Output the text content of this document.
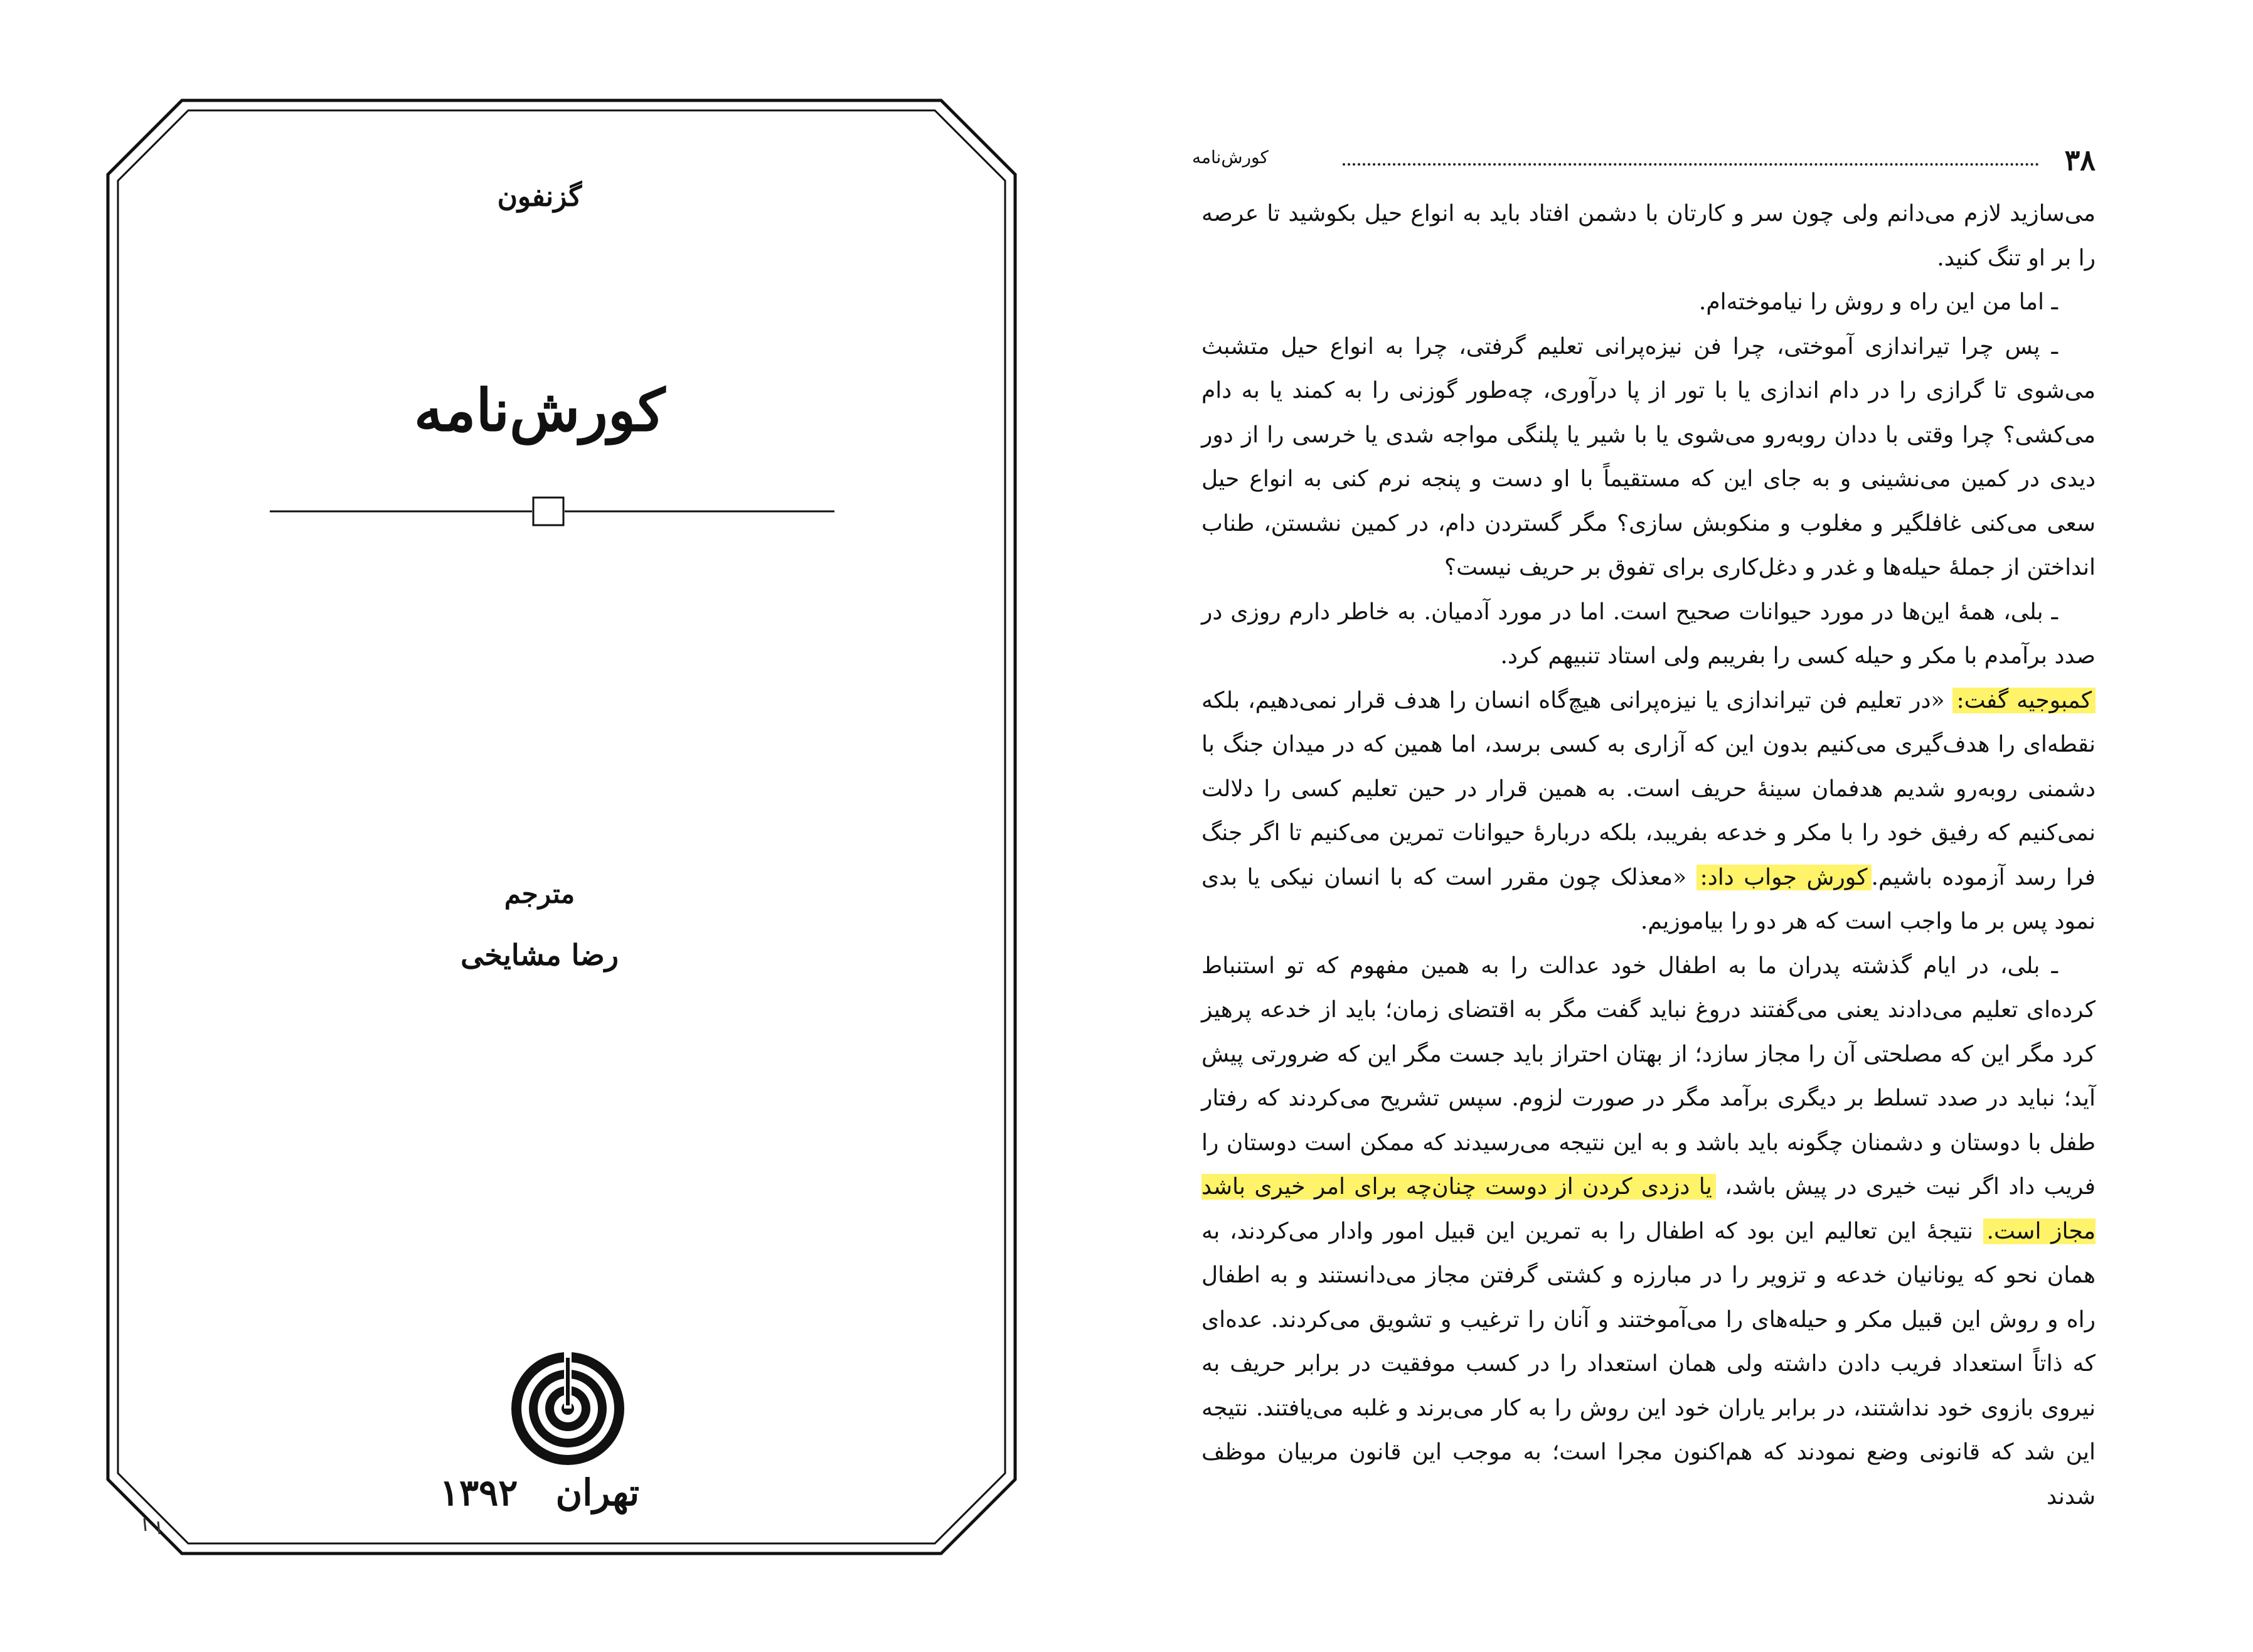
گزنفون
کورش‌نامه
مترجم
رضا مشایخی
تهران ۱۳۹۲
۳۸
کورش‌نامه

می‌سازید لازم می‌دانم ولی چون سر و کارتان با دشمن افتاد باید به انواع حیل بکوشید تا عرصه را بر او تنگ کنید.

ـ اما من این راه و روش را نیاموخته‌ام.

ـ پس چرا تیراندازی آموختی، چرا فن نیزه‌پرانی تعلیم گرفتی، چرا به انواع حیل متشبث می‌شوی تا گرازی را در دام اندازی یا با تور از پا درآوری، چه‌طور گوزنی را به کمند یا به دام می‌کشی؟ چرا وقتی با ددان روبه‌رو می‌شوی یا با شیر یا پلنگی مواجه شدی یا خرسی را از دور دیدی در کمین می‌نشینی و به جای این که مستقیماً با او دست و پنجه نرم کنی به انواع حیل سعی می‌کنی غافلگیر و مغلوب و منکوبش سازی؟ مگر گستردن دام، در کمین نشستن، طناب انداختن از جملهٔ حیله‌ها و غدر و دغل‌کاری برای تفوق بر حریف نیست؟

ـ بلی، همهٔ این‌ها در مورد حیوانات صحیح است. اما در مورد آدمیان. به خاطر دارم روزی در صدد برآمدم با مکر و حیله کسی را بفریبم ولی استاد تنبیهم کرد.

کمبوجیه گفت: «در تعلیم فن تیراندازی یا نیزه‌پرانی هیچ‌گاه انسان را هدف قرار نمی‌دهیم، بلکه نقطه‌ای را هدف‌گیری می‌کنیم بدون این که آزاری به کسی برسد، اما همین که در میدان جنگ با دشمنی روبه‌رو شدیم هدفمان سینهٔ حریف است. به همین قرار در حین تعلیم کسی را دلالت نمی‌کنیم که رفیق خود را با مکر و خدعه بفریبد، بلکه دربارهٔ حیوانات تمرین می‌کنیم تا اگر جنگ فرا رسد آزموده باشیم.کورش جواب داد: «معذلک چون مقرر است که با انسان نیکی یا بدی نمود پس بر ما واجب است که هر دو را بیاموزیم.

ـ بلی، در ایام گذشته پدران ما به اطفال خود عدالت را به همین مفهوم که تو استنباط کرده‌ای تعلیم می‌دادند یعنی می‌گفتند دروغ نباید گفت مگر به اقتضای زمان؛ باید از خدعه پرهیز کرد مگر این که مصلحتی آن را مجاز سازد؛ از بهتان احتراز باید جست مگر این که ضرورتی پیش آید؛ نباید در صدد تسلط بر دیگری برآمد مگر در صورت لزوم. سپس تشریح می‌کردند که رفتار طفل با دوستان و دشمنان چگونه باید باشد و به این نتیجه می‌رسیدند که ممکن است دوستان را فریب داد اگر نیت خیری در پیش باشد، یا دزدی کردن از دوست چنان‌چه برای امر خیری باشد مجاز است. نتیجهٔ این تعالیم این بود که اطفال را به تمرین این قبیل امور وادار می‌کردند، به همان نحو که یونانیان خدعه و تزویر را در مبارزه و کشتی گرفتن مجاز می‌دانستند و به اطفال راه و روش این قبیل مکر و حیله‌های را می‌آموختند و آنان را ترغیب و تشویق می‌کردند. عده‌ای که ذاتاً استعداد فریب دادن داشته ولی همان استعداد را در کسب موفقیت در برابر حریف به نیروی بازوی خود نداشتند، در برابر یاران خود این روش را به کار می‌برند و غلبه می‌یافتند. نتیجه این شد که قانونی وضع نمودند که هم‌اکنون مجرا است؛ به موجب این قانون مربیان موظف شدند
